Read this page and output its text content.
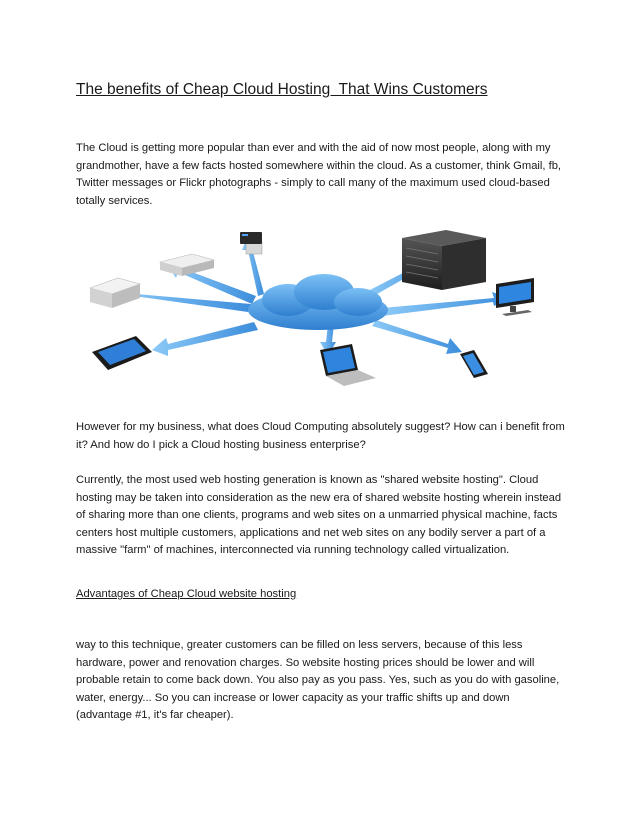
The benefits of Cheap Cloud Hosting  That Wins Customers

The Cloud is getting more popular than ever and with the aid of now most people, along with my grandmother, have a few facts hosted somewhere within the cloud. As a customer, think Gmail, fb, Twitter messages or Flickr photographs - simply to call many of the maximum used cloud-based totally services.

However for my business, what does Cloud Computing absolutely suggest? How can i benefit from it? And how do I pick a Cloud hosting business enterprise?

Currently, the most used web hosting generation is known as "shared website hosting". Cloud hosting may be taken into consideration as the new era of shared website hosting wherein instead of sharing more than one clients, programs and web sites on a unmarried physical machine, facts centers host multiple customers, applications and net web sites on any bodily server a part of a massive "farm" of machines, interconnected via running technology called virtualization.

Advantages of Cheap Cloud website hosting

way to this technique, greater customers can be filled on less servers, because of this less hardware, power and renovation charges. So website hosting prices should be lower and will probable retain to come back down. You also pay as you pass. Yes, such as you do with gasoline, water, energy... So you can increase or lower capacity as your traffic shifts up and down (advantage #1, it's far cheaper).
